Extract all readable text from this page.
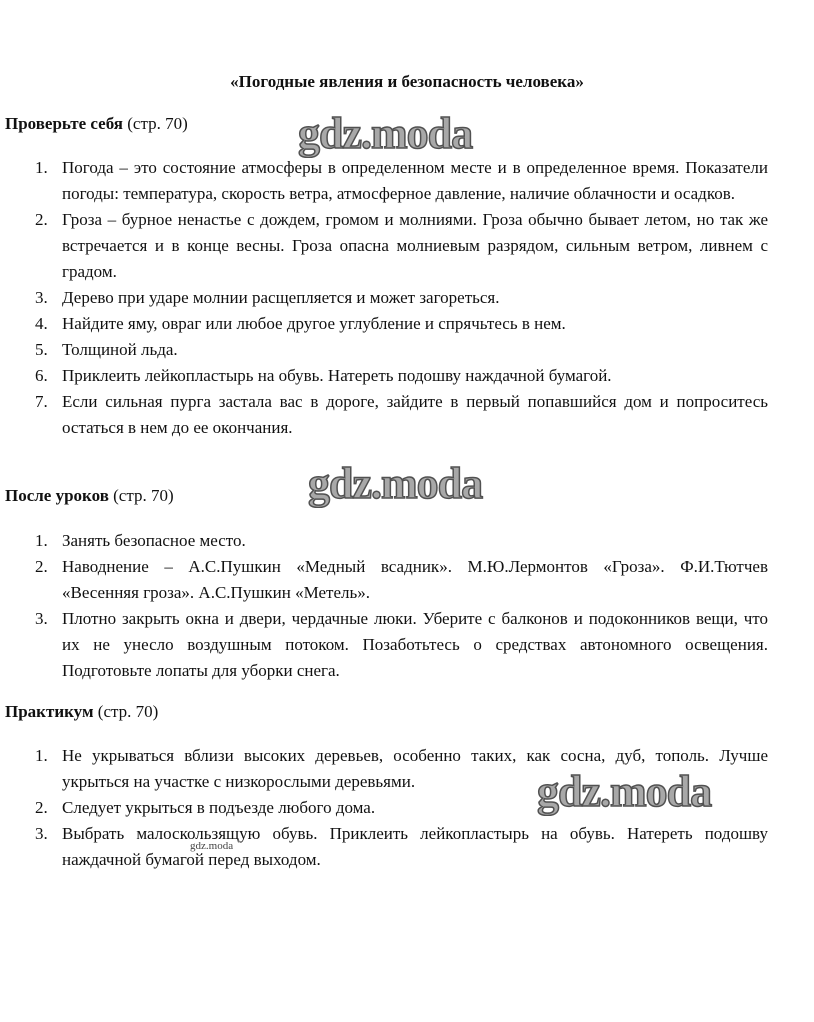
«Погодные явления и безопасность человека»
Проверьте себя (стр. 70)
1. Погода – это состояние атмосферы в определенном месте и в определенное время. Показатели погоды: температура, скорость ветра, атмосферное давление, наличие облачности и осадков.
2. Гроза – бурное ненастье с дождем, громом и молниями. Гроза обычно бывает летом, но так же встречается и в конце весны. Гроза опасна молниевым разрядом, сильным ветром, ливнем с градом.
3. Дерево при ударе молнии расщепляется и может загореться.
4. Найдите яму, овраг или любое другое углубление и спрячьтесь в нем.
5. Толщиной льда.
6. Приклеить лейкопластырь на обувь. Натереть подошву наждачной бумагой.
7. Если сильная пурга застала вас в дороге, зайдите в первый попавшийся дом и попроситесь остаться в нем до ее окончания.
После уроков (стр. 70)
1. Занять безопасное место.
2. Наводнение – А.С.Пушкин «Медный всадник». М.Ю.Лермонтов «Гроза». Ф.И.Тютчев «Весенняя гроза». А.С.Пушкин «Метель».
3. Плотно закрыть окна и двери, чердачные люки. Уберите с балконов и подоконников вещи, что их не унесло воздушным потоком. Позаботьтесь о средствах автономного освещения. Подготовьте лопаты для уборки снега.
Практикум (стр. 70)
1. Не укрываться вблизи высоких деревьев, особенно таких, как сосна, дуб, тополь. Лучше укрыться на участке с низкорослыми деревьями.
2. Следует укрыться в подъезде любого дома.
3. Выбрать малоскользящую обувь. Приклеить лейкопластырь на обувь. Натереть подошву наждачной бумагой перед выходом.
gdz.moda
gdz.moda
gdz.moda
gdz.moda
